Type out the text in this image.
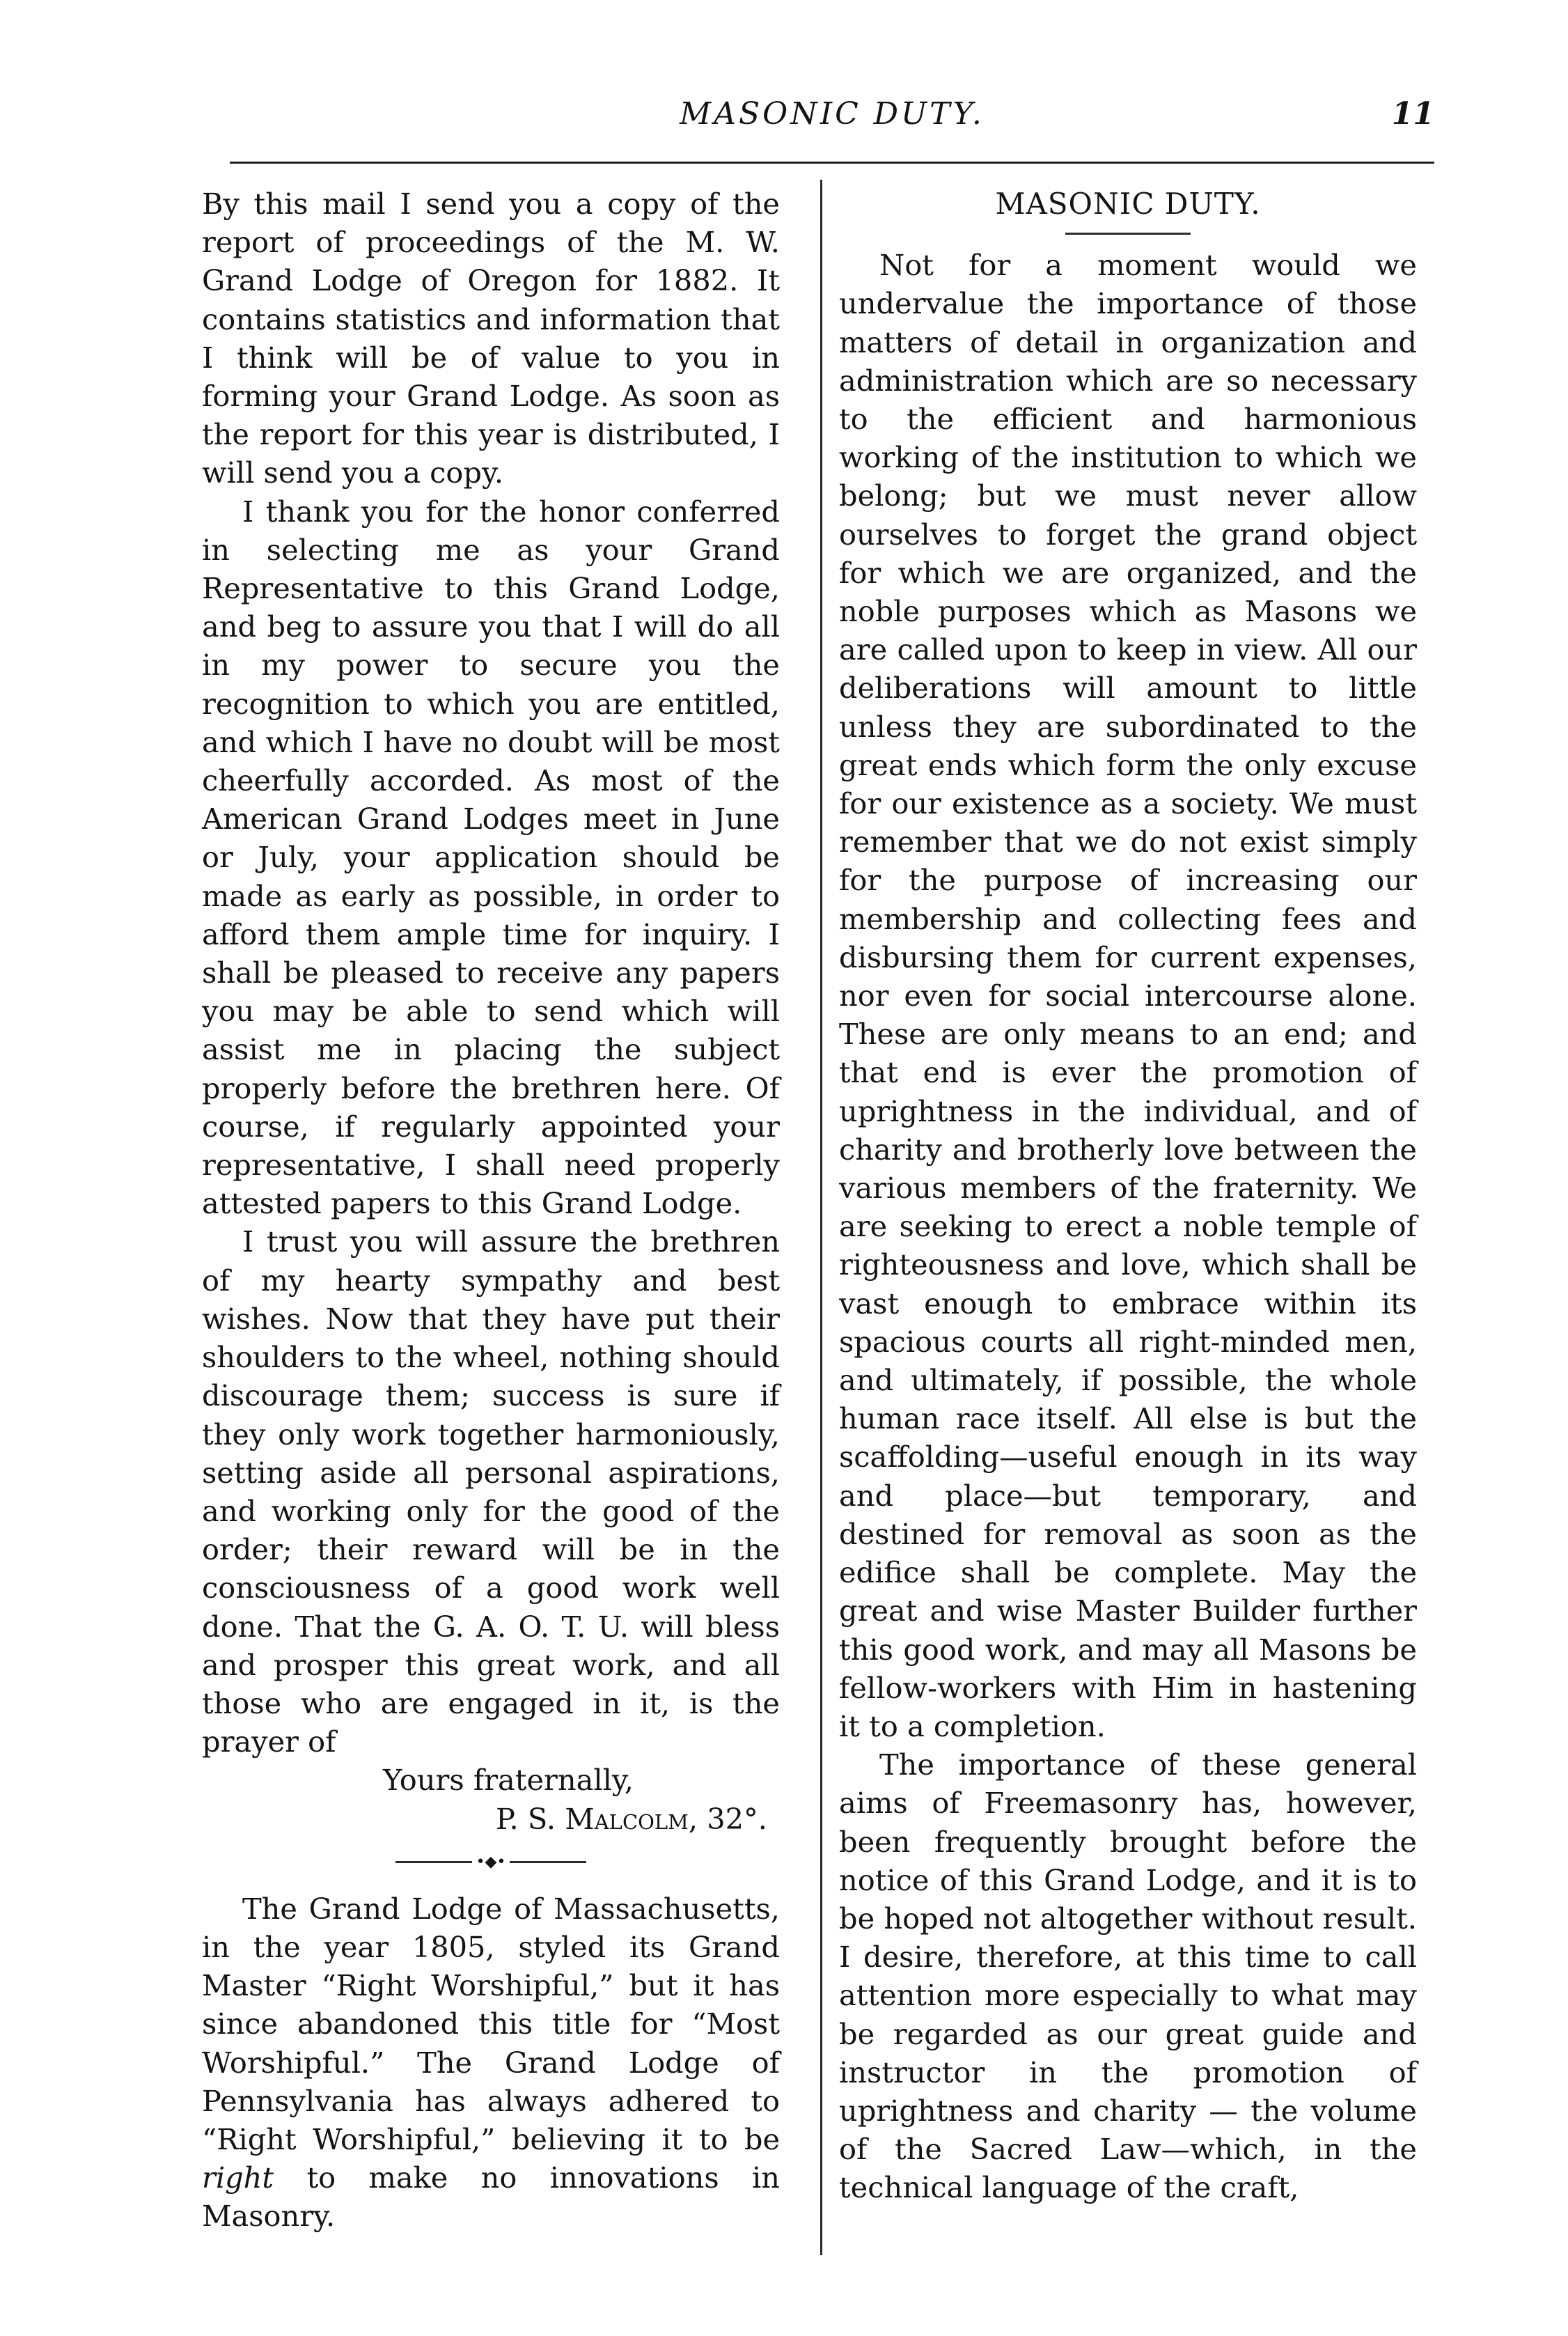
MASONIC DUTY.	11

By this mail I send you a copy of the report of proceedings of the M. W. Grand Lodge of Oregon for 1882. It contains statistics and information that I think will be of value to you in forming your Grand Lodge. As soon as the report for this year is distributed, I will send you a copy.

I thank you for the honor conferred in selecting me as your Grand Representative to this Grand Lodge, and beg to assure you that I will do all in my power to secure you the recognition to which you are entitled, and which I have no doubt will be most cheerfully accorded. As most of the American Grand Lodges meet in June or July, your application should be made as early as possible, in order to afford them ample time for inquiry. I shall be pleased to receive any papers you may be able to send which will assist me in placing the subject properly before the brethren here. Of course, if regularly appointed your representative, I shall need properly attested papers to this Grand Lodge.

I trust you will assure the brethren of my hearty sympathy and best wishes. Now that they have put their shoulders to the wheel, nothing should discourage them; success is sure if they only work together harmoniously, setting aside all personal aspirations, and working only for the good of the order; their reward will be in the consciousness of a good work well done. That the G. A. O. T. U. will bless and prosper this great work, and all those who are engaged in it, is the prayer of

Yours fraternally,

P. S. Malcolm, 32°.

•◆•

The Grand Lodge of Massachusetts, in the year 1805, styled its Grand Master “Right Worshipful,” but it has since abandoned this title for “Most Worshipful.” The Grand Lodge of Pennsylvania has always adhered to “Right Worshipful,” believing it to be right to make no innovations in Masonry.

MASONIC DUTY.

Not for a moment would we undervalue the importance of those matters of detail in organization and administration which are so necessary to the efficient and harmonious working of the institution to which we belong; but we must never allow ourselves to forget the grand object for which we are organized, and the noble purposes which as Masons we are called upon to keep in view. All our deliberations will amount to little unless they are subordinated to the great ends which form the only excuse for our existence as a society. We must remember that we do not exist simply for the purpose of increasing our membership and collecting fees and disbursing them for current expenses, nor even for social intercourse alone. These are only means to an end; and that end is ever the promotion of uprightness in the individual, and of charity and brotherly love between the various members of the fraternity. We are seeking to erect a noble temple of righteousness and love, which shall be vast enough to embrace within its spacious courts all right-minded men, and ultimately, if possible, the whole human race itself. All else is but the scaffolding—useful enough in its way and place—but temporary, and destined for removal as soon as the edifice shall be complete. May the great and wise Master Builder further this good work, and may all Masons be fellow-workers with Him in hastening it to a completion.

The importance of these general aims of Freemasonry has, however, been frequently brought before the notice of this Grand Lodge, and it is to be hoped not altogether without result. I desire, therefore, at this time to call attention more especially to what may be regarded as our great guide and instructor in the promotion of uprightness and charity — the volume of the Sacred Law—which, in the technical language of the craft,
